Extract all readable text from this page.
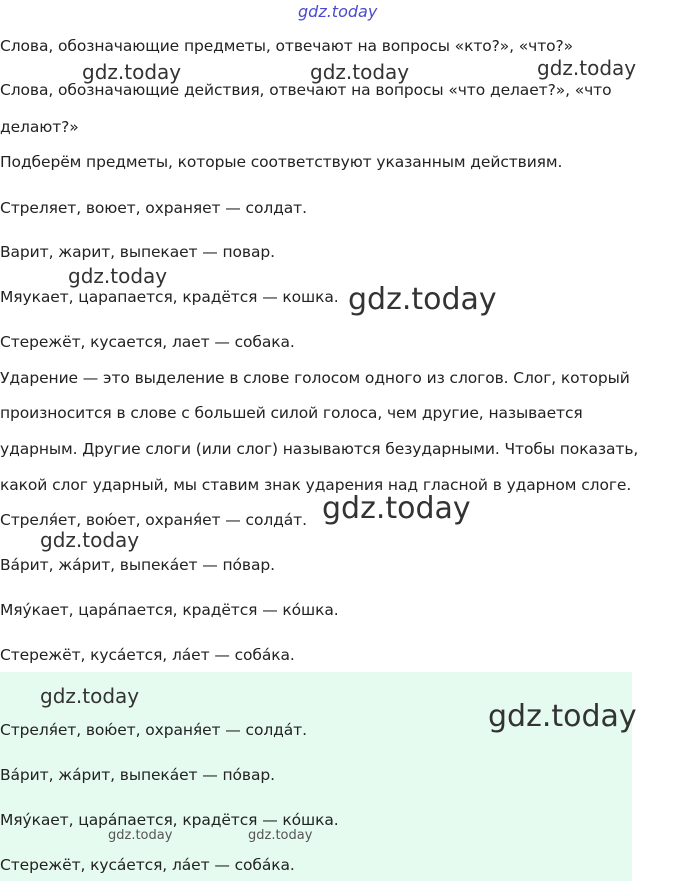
Слова, обозначающие предметы, отвечают на вопросы «кто?», «что?»
Слова, обозначающие действия, отвечают на вопросы «что делает?», «что
делают?»
Подберём предметы, которые соответствуют указанным действиям.
Стреляет, воюет, охраняет — солдат.
Варит, жарит, выпекает — повар.
Мяукает, царапается, крадётся — кошка.
Стережёт, кусается, лает — собака.
Ударение — это выделение в слове голосом одного из слогов. Слог, который
произносится в слове с большей силой голоса, чем другие, называется
ударным. Другие слоги (или слог) называются безударными. Чтобы показать,
какой слог ударный, мы ставим знак ударения над гласной в ударном слоге.
Стреля́ет, вою́ет, охраня́ет — солда́т.
Ва́рит, жа́рит, выпека́ет — по́вар.
Мяу́кает, цара́пается, крадётся — ко́шка.
Стережёт, куса́ется, ла́ет — соба́ка.
Стреля́ет, вою́ет, охраня́ет — солда́т.
Ва́рит, жа́рит, выпека́ет — по́вар.
Мяу́кает, цара́пается, крадётся — ко́шка.
Стережёт, куса́ется, ла́ет — соба́ка.
gdz.today
gdz.today	gdz.today	gdz.today
gdz.today
gdz.today
gdz.today
gdz.today
gdz.today
gdz.today
gdz.today	gdz.today
